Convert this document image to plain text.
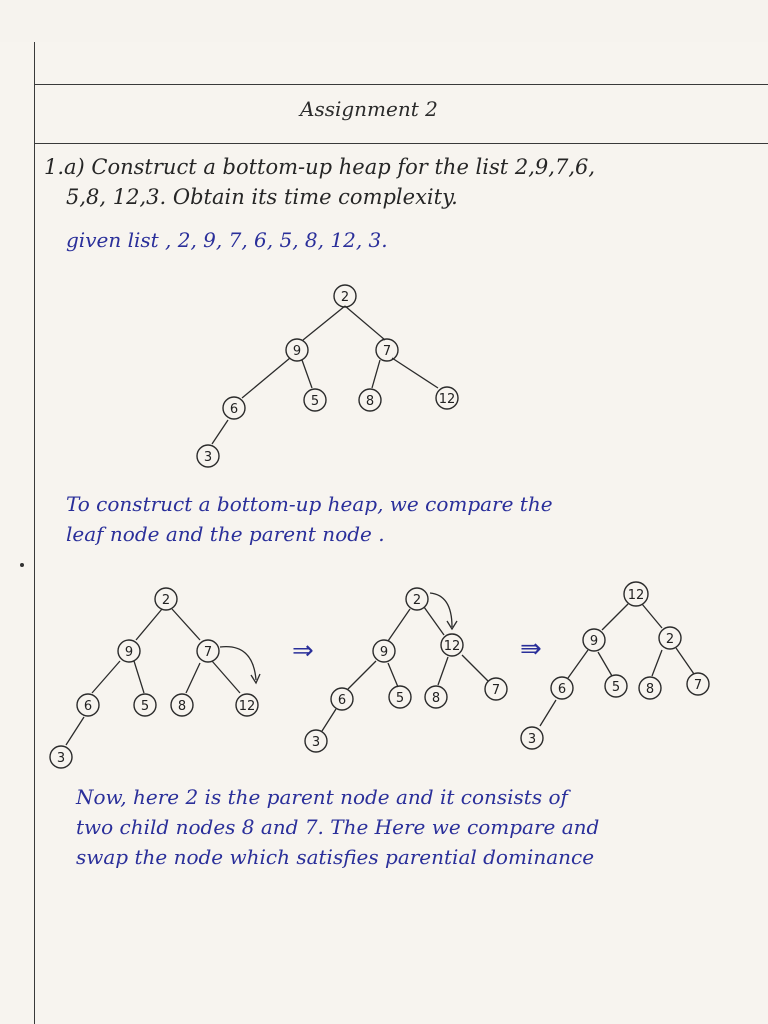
Assignment 2
1.a) Construct a bottom-up heap for the list 2,9,7,6,
5,8, 12,3. Obtain its time complexity.
given list , 2, 9, 7, 6, 5, 8, 12, 3.
2
9	7
6
5	8	12
3
To construct a bottom-up heap, we compare the
leaf node and the parent node .
2
9	7
6	5 8	12
3
⇒
2
9	12
6	5 8
7
3
⇛
12
9	2
6	5 8	7
3
Now, here 2 is the parent node and it consists of
two child nodes 8 and 7. The Here we compare and
swap the node which satisfies parential dominance
